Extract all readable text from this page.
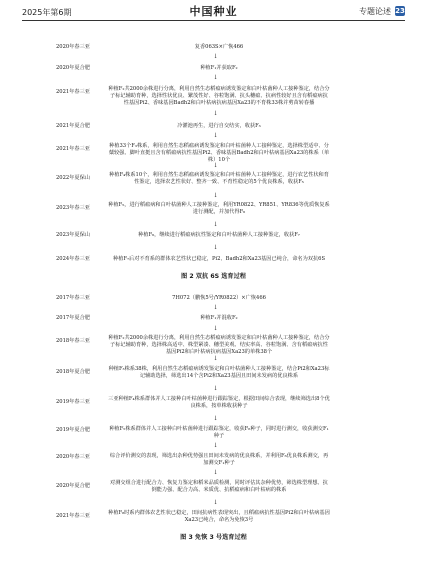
2025年第6期	中国种业	专题论述 23
2020年春三亚	复香063S×广恢466
↓
2020年夏合肥	种植F₁并获取F₂
↓
2021年春三亚	种植F₂共2000余株进行分离，利用自然生态稻瘟病诱发鉴定和白叶枯菌种人工接种鉴定，结合分子标记辅助育种，选择性状优良、繁茂性好、谷粒饱满、抗头穗瘟、抗病性较好且含有稻瘟病抗性基因Pi2、香味基因Badh2和白叶枯病抗病基因Xa23的不育株33株并剪苗转春播
↓
2021年夏合肥	冷灌池再生，进行自交结实，收获F₃
↓
2021年春三亚	种植33个F₃株系，利用自然生态稻瘟病诱发鉴定和白叶枯菌种人工接种鉴定，选择株型适中、分蘖较强、脚叶直挺且含有稻瘟病抗性基因Pi2、香味基因Badh2和白叶枯病基因Xa23的株系（单株）10个
↓
2022年夏保山	种植F₄株系10个，利用自然生态稻瘟病诱发鉴定和白叶枯菌种人工接种鉴定，进行农艺性状和育性鉴定，选择农艺性状好、整齐一致、不育性稳定的5个优良株系，收获F₅
↓
2023年春三亚	种植F₅，进行稻瘟病和白叶枯菌种人工接种鉴定，利用YR0822、YR851、YR836等优质恢复系进行测配，并加代得F₆
↓
2023年夏保山	种植F₆，继续进行稻瘟病抗性鉴定和白叶枯菌种人工接种鉴定，收获F₇
↓
2024年春三亚	种植F₇后对不育系的群体农艺性状已稳定，Pi2、Badh2和Xa23基因已纯合，命名为双抗6S
图 2 双抗 6S 选育过程
2017年春三亚	7H072（鹏恢5号/YR0822）×广恢466
↓
2017年夏合肥	种植F₁并混收F₂
↓
2018年春三亚	种植F₂共2000余株进行分离，利用自然生态稻瘟病诱发鉴定和白叶枯菌种人工接种鉴定，结合分子标记辅助育种，选择株高适中、株型紧凑、穗型美观、结实率高、谷粒饱满、含有稻瘟病抗性基因Pi2和白叶枯病抗病基因Xa23的单株38个
↓
2018年夏合肥	种植F₃株系38株，利用自然生态稻瘟病诱发鉴定和白叶枯菌种人工接种鉴定，结合Pi2和Xa23标记辅助选择，筛选出14个含Pi2和Xa23基因且田间未发病的优良株系
↓
2019年春三亚	三亚种植F₄株系群体并人工接种白叶枯菌种进行跟踪鉴定，根据田间综合表现，继续筛选出8个优良株系，按单株收获种子
↓
2019年夏合肥	种植F₅株系群体并人工接种白叶枯菌种进行跟踪鉴定，收获F₆种子，同时进行测交，收获测交F₁种子
↓
2020年春三亚	综合评价测交的表现，筛选出杂种优势强且田间未发病的优良株系，并利用F₆优良株系测交，再加测交F₁种子
↓
2020年夏合肥	对测交组合进行配合力、恢复力鉴定和稻米品质检测，同时评估其杂种优势，筛选株型理想、抗倒能力强、配合力高、米质优、抗稻瘟病和白叶枯病的株系
↓
2021年春三亚	种植F₈时系内群体农艺性状已稳定，田间抗病性表现突出，且稻瘟病抗性基因Pi2和白叶枯病基因Xa23已纯合，命名为免恢3号
图 3 免恢 3 号选育过程
